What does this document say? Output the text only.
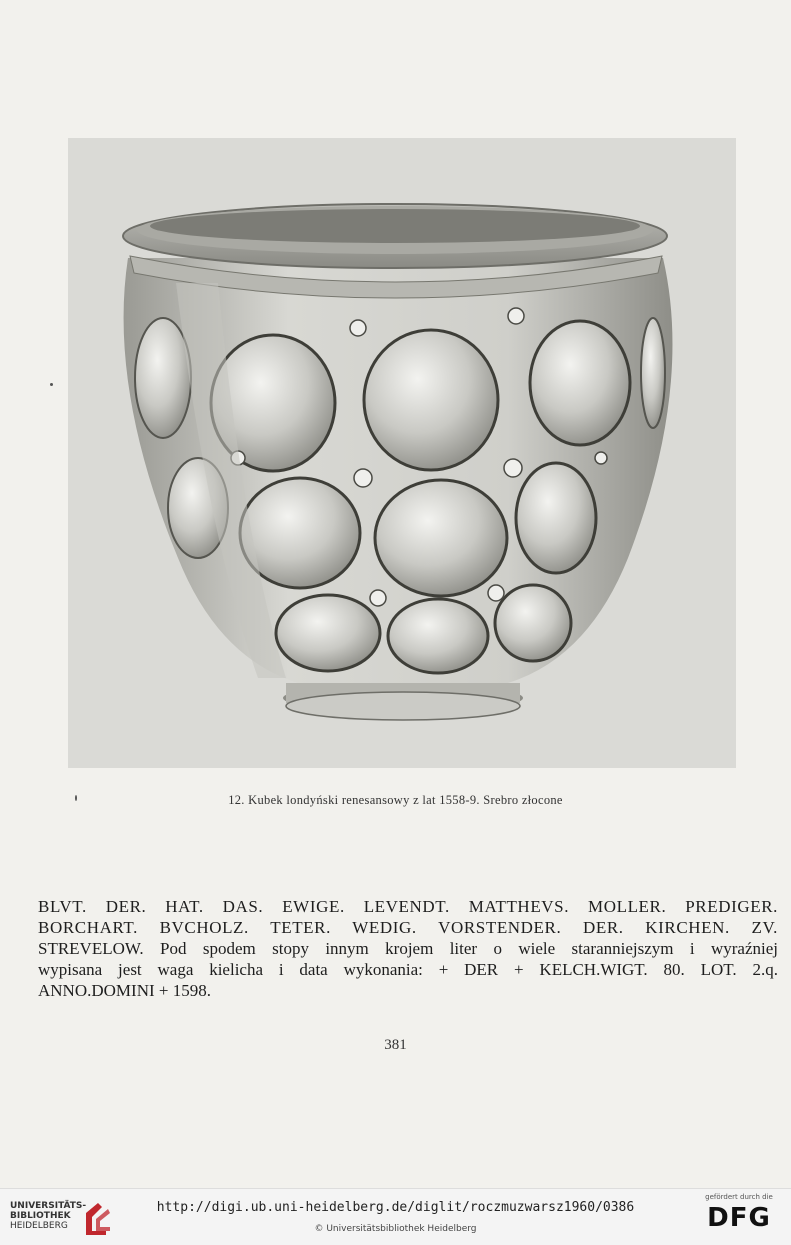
12. Kubek londyński renesansowy z lat 1558-9. Srebro złocone
BLVT. DER. HAT. DAS. EWIGE. LEVENDT. MATTHEVS. MOLLER. PREDIGER.
BORCHART. BVCHOLZ. TETER. WEDIG. VORSTENDER. DER. KIRCHEN. ZV.
STREVELOW. Pod spodem stopy innym krojem liter o wiele staranniejszym i wyraźniej
wypisana jest waga kielicha i data wykonania: + DER + KELCH.WIGT. 80. LOT. 2.q.
ANNO.DOMINI + 1598.
381
UNIVERSITÄTS-
BIBLIOTHEK
HEIDELBERG
http://digi.ub.uni-heidelberg.de/diglit/roczmuzwarsz1960/0386
© Universitätsbibliothek Heidelberg
gefördert durch die
DFG
